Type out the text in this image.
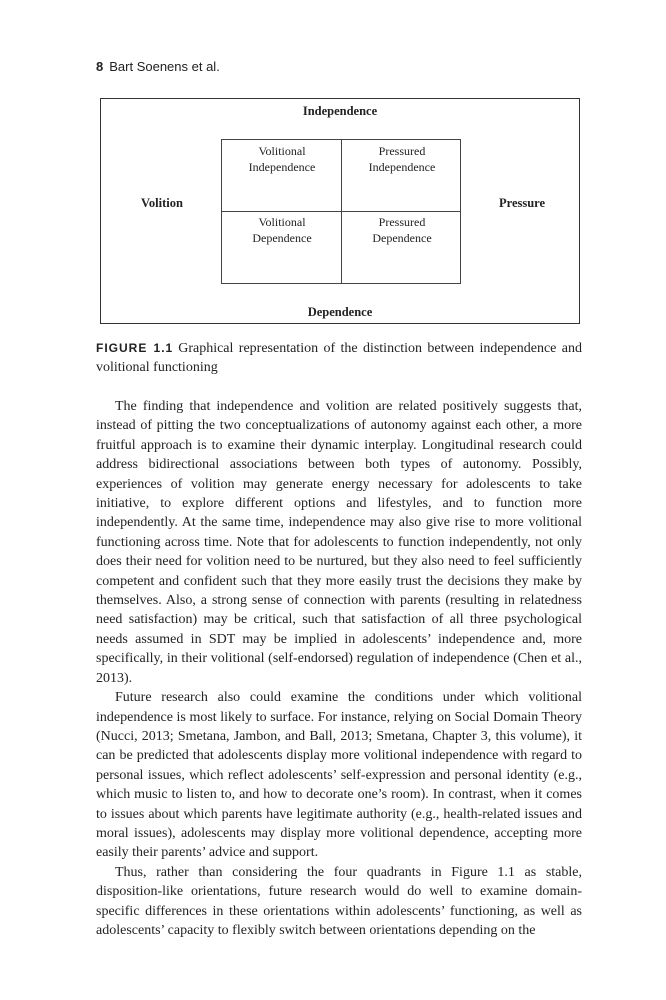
8 Bart Soenens et al.
Independence
Volition	Pressure
Dependence
Volitional
Independence
Pressured
Independence
Volitional
Dependence
Pressured
Dependence

FIGURE 1.1 Graphical representation of the distinction between independence and volitional functioning

The finding that independence and volition are related positively suggests that, instead of pitting the two conceptualizations of autonomy against each other, a more fruitful approach is to examine their dynamic interplay. Longitudinal research could address bidirectional associations between both types of autonomy. Possibly, experiences of volition may generate energy necessary for adolescents to take initiative, to explore different options and lifestyles, and to function more independently. At the same time, independence may also give rise to more volitional functioning across time. Note that for adolescents to function independently, not only does their need for volition need to be nurtured, but they also need to feel sufficiently competent and confident such that they more easily trust the decisions they make by themselves. Also, a strong sense of connection with parents (resulting in relatedness need satisfaction) may be critical, such that satisfaction of all three psychological needs assumed in SDT may be implied in adolescents’ independence and, more specifically, in their volitional (self-endorsed) regulation of independence (Chen et al., 2013).

Future research also could examine the conditions under which volitional independence is most likely to surface. For instance, relying on Social Domain Theory (Nucci, 2013; Smetana, Jambon, and Ball, 2013; Smetana, Chapter 3, this volume), it can be predicted that adolescents display more volitional independence with regard to personal issues, which reflect adolescents’ self-expression and personal identity (e.g., which music to listen to, and how to decorate one’s room). In contrast, when it comes to issues about which parents have legitimate authority (e.g., health-related issues and moral issues), adolescents may display more volitional dependence, accepting more easily their parents’ advice and support.

Thus, rather than considering the four quadrants in Figure 1.1 as stable, disposition-like orientations, future research would do well to examine domain-specific differences in these orientations within adolescents’ functioning, as well as adolescents’ capacity to flexibly switch between orientations depending on the
